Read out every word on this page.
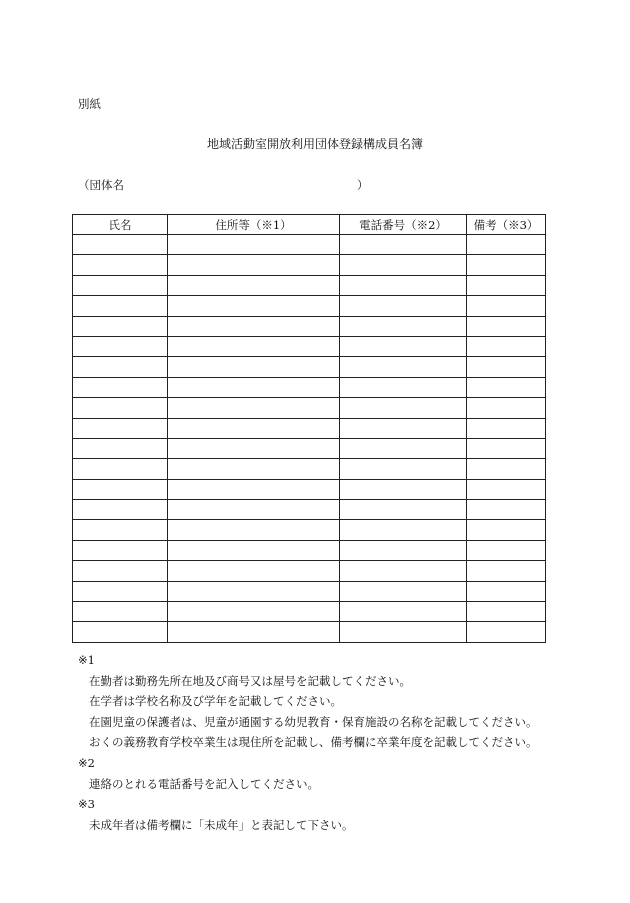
別紙
地域活動室開放利用団体登録構成員名簿
（団体名	）
氏名	住所等（※1）	電話番号（※2）	備考（※3）

※1
在勤者は勤務先所在地及び商号又は屋号を記載してください。
在学者は学校名称及び学年を記載してください。
在園児童の保護者は、児童が通園する幼児教育・保育施設の名称を記載してください。
おくの義務教育学校卒業生は現住所を記載し、備考欄に卒業年度を記載してください。
※2
連絡のとれる電話番号を記入してください。
※3
未成年者は備考欄に「未成年」と表記して下さい。
